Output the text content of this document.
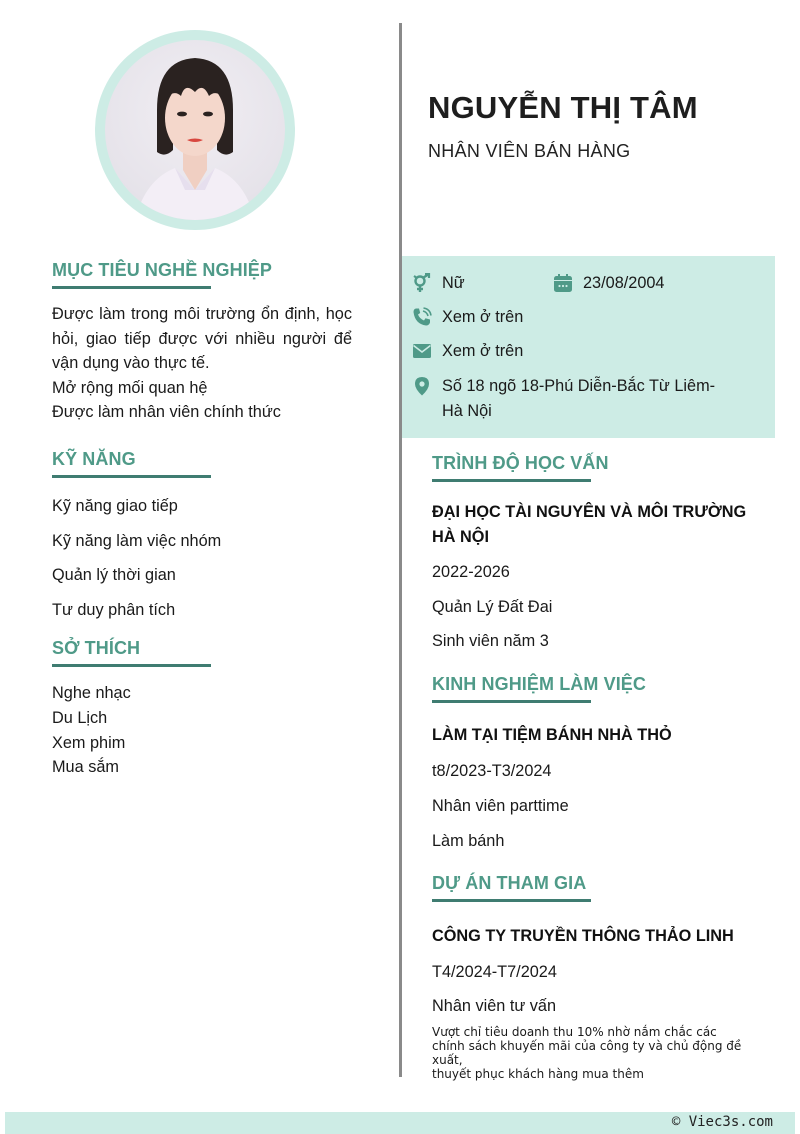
NGUYỄN THỊ TÂM
NHÂN VIÊN BÁN HÀNG
Nữ	23/08/2004
Xem ở trên
Xem ở trên
Số 18 ngõ 18-Phú Diễn-Bắc Từ Liêm-
Hà Nội
MỤC TIÊU NGHỀ NGHIỆP
Được làm trong môi trường ổn định, học hỏi, giao tiếp được với nhiều người để vận dụng vào thực tế.
Mở rộng mối quan hệ
Được làm nhân viên chính thức
KỸ NĂNG
Kỹ năng giao tiếp
Kỹ năng làm việc nhóm
Quản lý thời gian
Tư duy phân tích
SỞ THÍCH
Nghe nhạc
Du Lịch
Xem phim
Mua sắm
TRÌNH ĐỘ HỌC VẤN
ĐẠI HỌC TÀI NGUYÊN VÀ MÔI TRƯỜNG
HÀ NỘI
2022-2026
Quản Lý Đất Đai
Sinh viên năm 3
KINH NGHIỆM LÀM VIỆC
LÀM TẠI TIỆM BÁNH NHÀ THỎ
t8/2023-T3/2024
Nhân viên parttime
Làm bánh
DỰ ÁN THAM GIA
CÔNG TY TRUYỀN THÔNG THẢO LINH
T4/2024-T7/2024
Nhân viên tư vấn
Vượt chỉ tiêu doanh thu 10% nhờ nắm chắc các
chính sách khuyến mãi của công ty và chủ động đề xuất,
thuyết phục khách hàng mua thêm
© Viec3s.com
